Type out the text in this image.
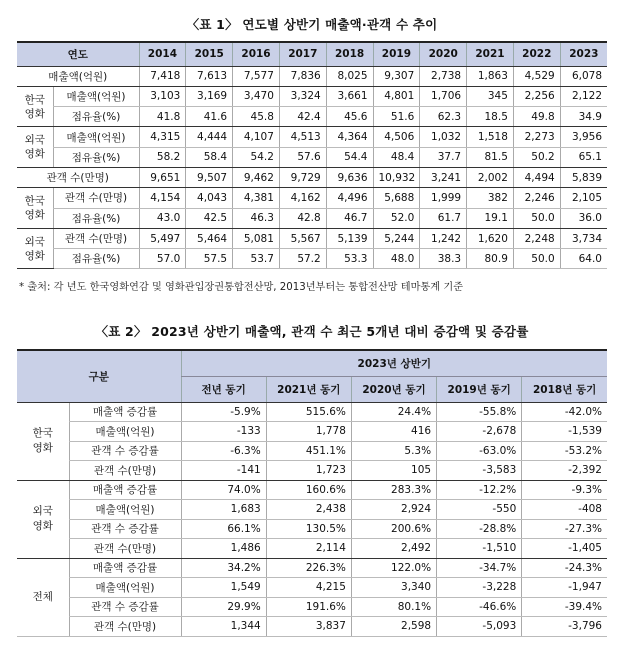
〈표 1〉 연도별 상반기 매출액·관객 수 추이
연도		2014	2015	2016	2017	2018	2019	2020	2021	2022	2023
매출액(억원)		7,418	7,613	7,577	7,836	8,025	9,307	2,738	1,863	4,529	6,078
한국
영화	매출액(억원)	3,103	3,169	3,470	3,324	3,661	4,801	1,706	345	2,256	2,122
	점유율(%)	41.8	41.6	45.8	42.4	45.6	51.6	62.3	18.5	49.8	34.9
외국
영화	매출액(억원)	4,315	4,444	4,107	4,513	4,364	4,506	1,032	1,518	2,273	3,956
	점유율(%)	58.2	58.4	54.2	57.6	54.4	48.4	37.7	81.5	50.2	65.1
관객 수(만명)		9,651	9,507	9,462	9,729	9,636	10,932	3,241	2,002	4,494	5,839
한국
영화	관객 수(만명)	4,154	4,043	4,381	4,162	4,496	5,688	1,999	382	2,246	2,105
	점유율(%)	43.0	42.5	46.3	42.8	46.7	52.0	61.7	19.1	50.0	36.0
외국
영화	관객 수(만명)	5,497	5,464	5,081	5,567	5,139	5,244	1,242	1,620	2,248	3,734
	점유율(%)	57.0	57.5	53.7	57.2	53.3	48.0	38.3	80.9	50.0	64.0
* 출처: 각 년도 한국영화연감 및 영화관입장권통합전산망, 2013년부터는 통합전산망 테마통계 기준
〈표 2〉 2023년 상반기 매출액, 관객 수 최근 5개년 대비 증감액 및 증감률
구분		2023년 상반기				
		전년 동기	2021년 동기	2020년 동기	2019년 동기	2018년 동기
한국
영화	매출액 증감률	-5.9%	515.6%	24.4%	-55.8%	-42.0%
	매출액(억원)	-133	1,778	416	-2,678	-1,539
	관객 수 증감률	-6.3%	451.1%	5.3%	-63.0%	-53.2%
	관객 수(만명)	-141	1,723	105	-3,583	-2,392
외국
영화	매출액 증감률	74.0%	160.6%	283.3%	-12.2%	-9.3%
	매출액(억원)	1,683	2,438	2,924	-550	-408
	관객 수 증감률	66.1%	130.5%	200.6%	-28.8%	-27.3%
	관객 수(만명)	1,486	2,114	2,492	-1,510	-1,405
전체	매출액 증감률	34.2%	226.3%	122.0%	-34.7%	-24.3%
	매출액(억원)	1,549	4,215	3,340	-3,228	-1,947
	관객 수 증감률	29.9%	191.6%	80.1%	-46.6%	-39.4%
	관객 수(만명)	1,344	3,837	2,598	-5,093	-3,796
